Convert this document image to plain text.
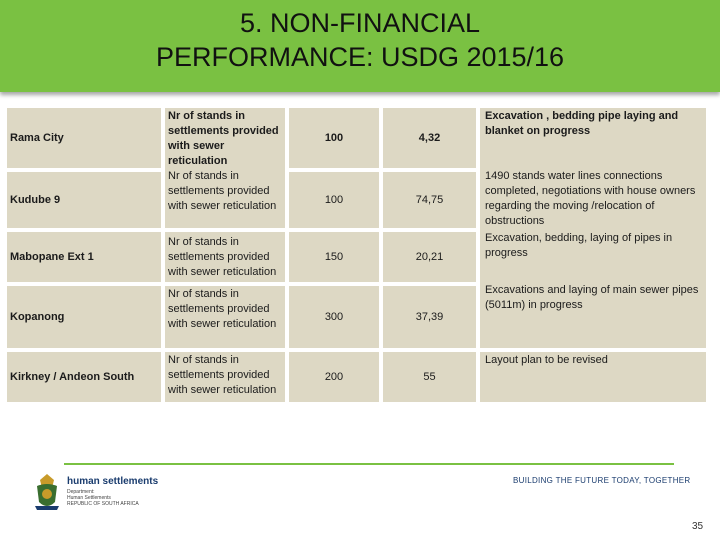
5. NON-FINANCIAL
PERFORMANCE: USDG 2015/16
Rama City
Kudube 9
Mabopane Ext 1
Kopanong
Kirkney / Andeon South
Nr of stands in settlements provided with sewer reticulation
Nr of stands in settlements provided with sewer reticulation
Nr of stands in settlements provided with sewer reticulation
Nr of stands in settlements provided with sewer reticulation
Nr of stands in settlements provided with sewer reticulation
100
100
150
300
200
4,32
74,75
20,21
37,39
55
Excavation , bedding pipe laying and blanket on progress
1490 stands water lines connections completed, negotiations with house owners regarding the moving /relocation of obstructions
Excavation, bedding, laying of pipes in progress
Excavations and laying of main sewer pipes (5011m) in progress
Layout plan to be revised
human settlements
Department:
Human Settlements
REPUBLIC OF SOUTH AFRICA
BUILDING THE FUTURE TODAY, TOGETHER
35
